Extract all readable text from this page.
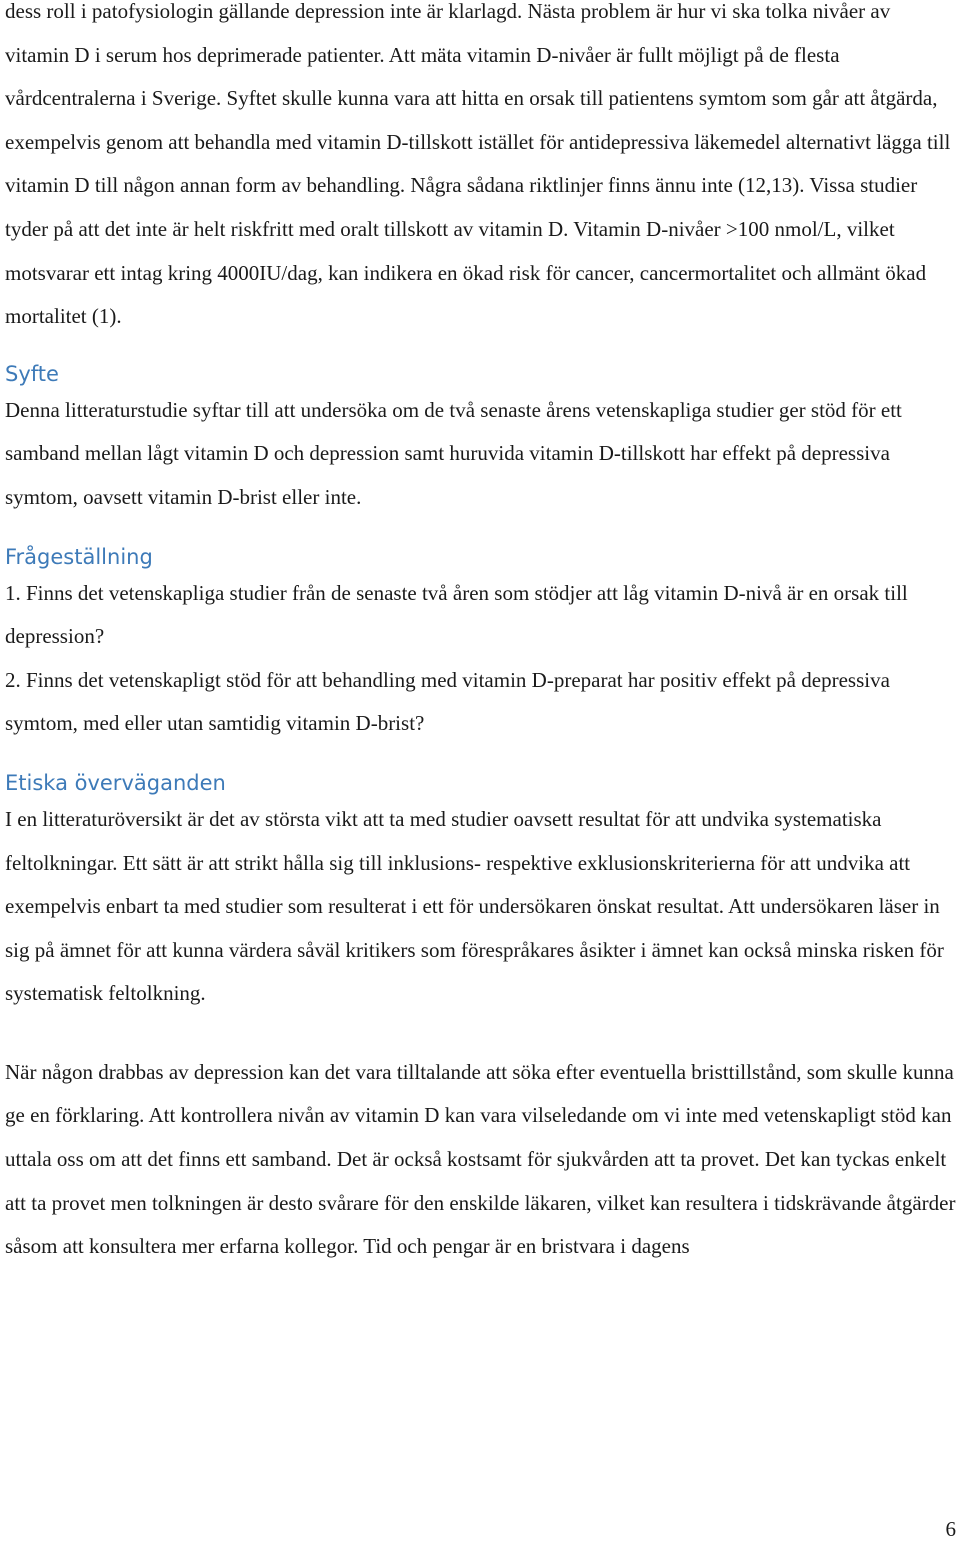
dess roll i patofysiologin gällande depression inte är klarlagd. Nästa problem är hur vi ska tolka nivåer av vitamin D i serum hos deprimerade patienter. Att mäta vitamin D-nivåer är fullt möjligt på de flesta vårdcentralerna i Sverige. Syftet skulle kunna vara att hitta en orsak till patientens symtom som går att åtgärda, exempelvis genom att behandla med vitamin D-tillskott istället för antidepressiva läkemedel alternativt lägga till vitamin D till någon annan form av behandling. Några sådana riktlinjer finns ännu inte (12,13). Vissa studier tyder på att det inte är helt riskfritt med oralt tillskott av vitamin D. Vitamin D-nivåer >100 nmol/L, vilket motsvarar ett intag kring 4000IU/dag, kan indikera en ökad risk för cancer, cancermortalitet och allmänt ökad mortalitet (1).

Syfte

Denna litteraturstudie syftar till att undersöka om de två senaste årens vetenskapliga studier ger stöd för ett samband mellan lågt vitamin D och depression samt huruvida vitamin D-tillskott har effekt på depressiva symtom, oavsett vitamin D-brist eller inte.

Frågeställning

1. Finns det vetenskapliga studier från de senaste två åren som stödjer att låg vitamin D-nivå är en orsak till depression?

2. Finns det vetenskapligt stöd för att behandling med vitamin D-preparat har positiv effekt på depressiva symtom, med eller utan samtidig vitamin D-brist?

Etiska överväganden

I en litteraturöversikt är det av största vikt att ta med studier oavsett resultat för att undvika systematiska feltolkningar. Ett sätt är att strikt hålla sig till inklusions- respektive exklusionskriterierna för att undvika att exempelvis enbart ta med studier som resulterat i ett för undersökaren önskat resultat. Att undersökaren läser in sig på ämnet för att kunna värdera såväl kritikers som förespråkares åsikter i ämnet kan också minska risken för systematisk feltolkning.

När någon drabbas av depression kan det vara tilltalande att söka efter eventuella bristtillstånd, som skulle kunna ge en förklaring. Att kontrollera nivån av vitamin D kan vara vilseledande om vi inte med vetenskapligt stöd kan uttala oss om att det finns ett samband. Det är också kostsamt för sjukvården att ta provet. Det kan tyckas enkelt att ta provet men tolkningen är desto svårare för den enskilde läkaren, vilket kan resultera i tidskrävande åtgärder såsom att konsultera mer erfarna kollegor. Tid och pengar är en bristvara i dagens

6
